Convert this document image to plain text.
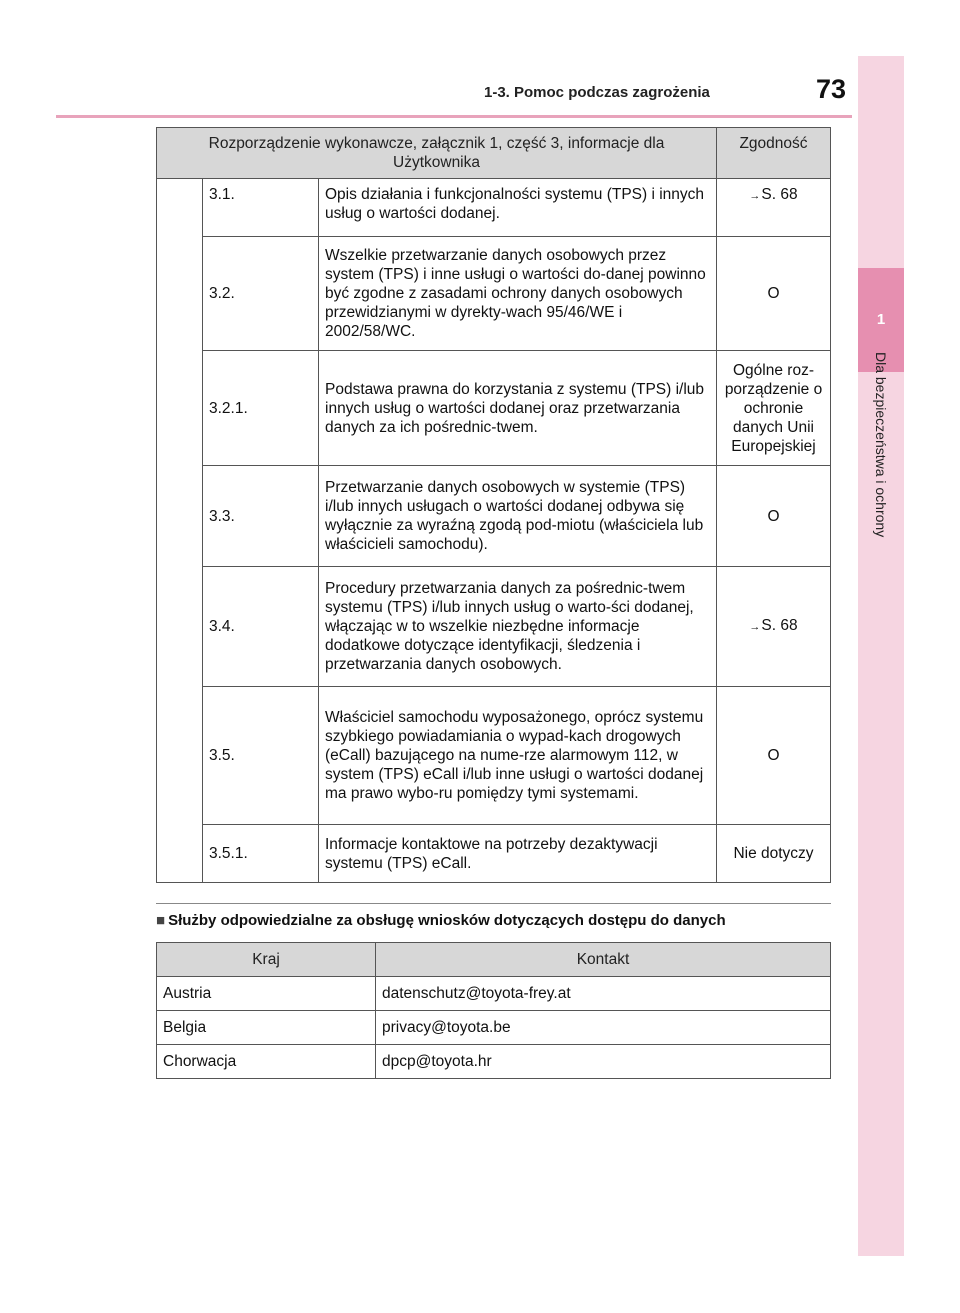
1-3. Pomoc podczas zagrożenia	73
1
Dla bezpieczeństwa i ochrony
Rozporządzenie wykonawcze, załącznik 1, część 3, informacje dla Użytkownika			Zgodność
	3.1.	Opis działania i funkcjonalności systemu (TPS) i innych usług o wartości dodanej.	→S. 68
	3.2.	Wszelkie przetwarzanie danych osobowych przez system (TPS) i inne usługi o wartości do-danej powinno być zgodne z zasadami ochrony danych osobowych przewidzianymi w dyrekty-wach 95/46/WE i 2002/58/WC.	O
	3.2.1.	Podstawa prawna do korzystania z systemu (TPS) i/lub innych usług o wartości dodanej oraz przetwarzania danych za ich pośrednic-twem.	Ogólne roz-porządzenie o ochronie danych Unii Europejskiej
	3.3.	Przetwarzanie danych osobowych w systemie (TPS) i/lub innych usługach o wartości dodanej odbywa się wyłącznie za wyraźną zgodą pod-miotu (właściciela lub właścicieli samochodu).	O
	3.4.	Procedury przetwarzania danych za pośrednic-twem systemu (TPS) i/lub innych usług o warto-ści dodanej, włączając w to wszelkie niezbędne informacje dodatkowe dotyczące identyfikacji, śledzenia i przetwarzania danych osobowych.	→S. 68
	3.5.	Właściciel samochodu wyposażonego, oprócz systemu szybkiego powiadamiania o wypad-kach drogowych (eCall) bazującego na nume-rze alarmowym 112, w system (TPS) eCall i/lub inne usługi o wartości dodanej ma prawo wybo-ru pomiędzy tymi systemami.	O
	3.5.1.	Informacje kontaktowe na potrzeby dezaktywacji systemu (TPS) eCall.	Nie dotyczy
■ Służby odpowiedzialne za obsługę wniosków dotyczących dostępu do danych
Kraj	Kontakt
Austria	datenschutz@toyota-frey.at
Belgia	privacy@toyota.be
Chorwacja	dpcp@toyota.hr
